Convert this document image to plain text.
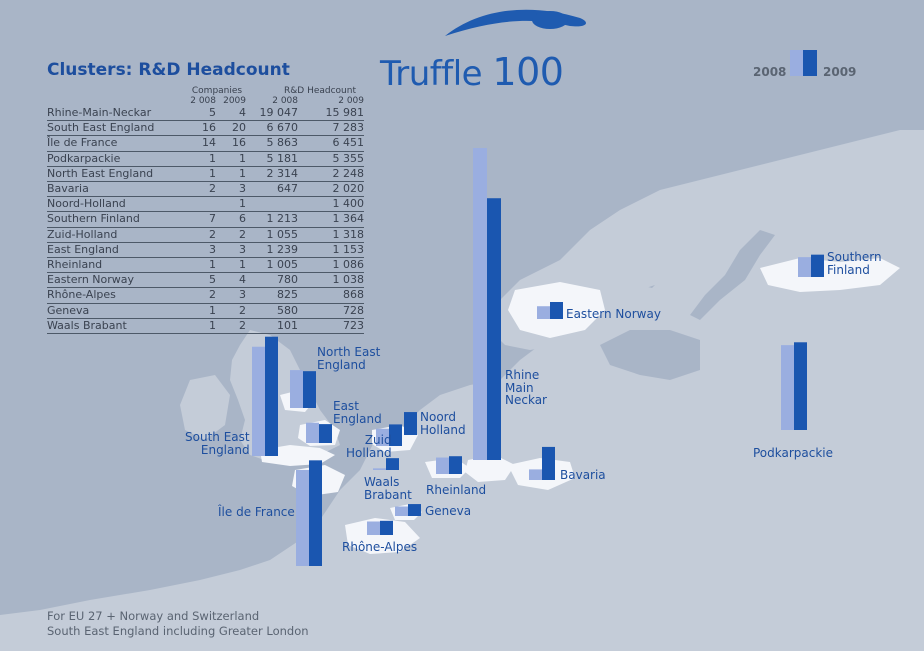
Clusters: R&D Headcount	Truffle 100	2008	2009
	Companies		R&D Headcount	
	2 008	2009	2 008	2 009
Rhine-Main-Neckar	5	4	19 047	15 981
South East England	16	20	6 670	7 283
Île de France	14	16	5 863	6 451
Podkarpackie	1	1	5 181	5 355
North East England	1	1	2 314	2 248
Bavaria	2	3	647	2 020
Noord-Holland		1		1 400
Southern Finland	7	6	1 213	1 364
Zuid-Holland	2	2	1 055	1 318
East England	3	3	1 239	1 153
Rheinland	1	1	1 005	1 086
Eastern Norway	5	4	780	1 038
Rhône-Alpes	2	3	825	868
Geneva	1	2	580	728
Waals Brabant	1	2	101	723
Rhine
Main
Neckar
South East
England
North East
England
East
England	Noord
Holland
Zuid
Holland
Waals
Brabant
Île de France
Rheinland
Geneva
Rhône-Alpes
Bavaria
Eastern Norway
Southern
Finland
Podkarpackie
For EU 27 + Norway and Switzerland
South East England including Greater London
